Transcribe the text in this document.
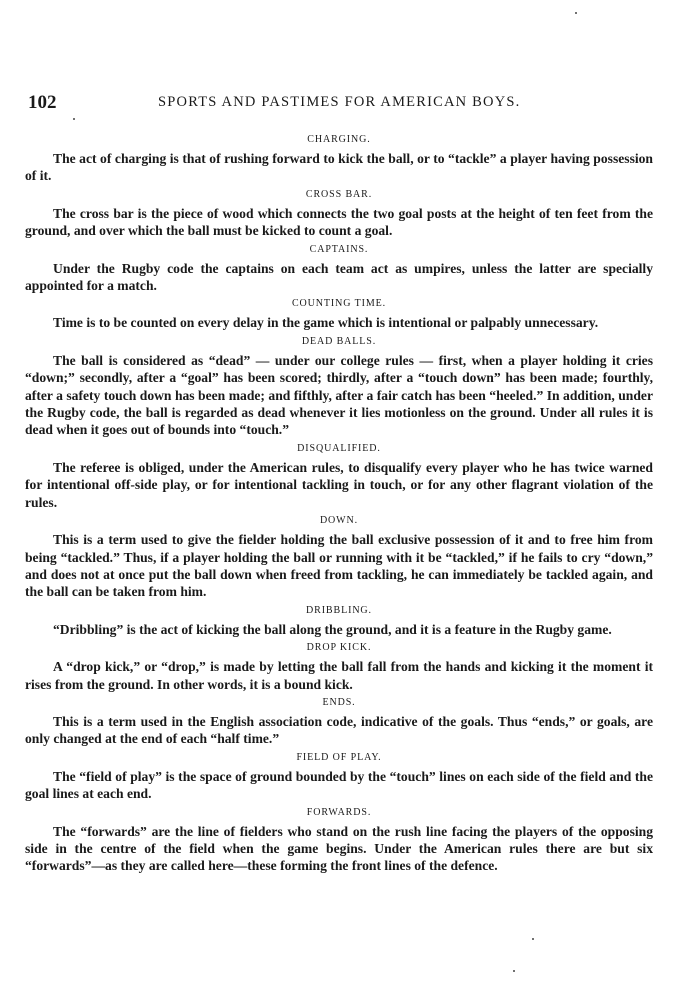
102	SPORTS AND PASTIMES FOR AMERICAN BOYS.
CHARGING.

The act of charging is that of rushing forward to kick the ball, or to “tackle” a player having possession of it.

CROSS BAR.

The cross bar is the piece of wood which connects the two goal posts at the height of ten feet from the ground, and over which the ball must be kicked to count a goal.

CAPTAINS.

Under the Rugby code the captains on each team act as umpires, unless the latter are specially appointed for a match.

COUNTING TIME.

Time is to be counted on every delay in the game which is intentional or palpably unnecessary.

DEAD BALLS.

The ball is considered as “dead” — under our college rules — first, when a player holding it cries “down;” secondly, after a “goal” has been scored; thirdly, after a “touch down” has been made; fourthly, after a safety touch down has been made; and fifthly, after a fair catch has been “heeled.” In addition, under the Rugby code, the ball is regarded as dead whenever it lies motionless on the ground. Under all rules it is dead when it goes out of bounds into “touch.”

DISQUALIFIED.

The referee is obliged, under the American rules, to disqualify every player who he has twice warned for intentional off-side play, or for intentional tackling in touch, or for any other flagrant violation of the rules.

DOWN.

This is a term used to give the fielder holding the ball exclusive possession of it and to free him from being “tackled.” Thus, if a player holding the ball or running with it be “tackled,” if he fails to cry “down,” and does not at once put the ball down when freed from tackling, he can immediately be tackled again, and the ball can be taken from him.

DRIBBLING.

“Dribbling” is the act of kicking the ball along the ground, and it is a feature in the Rugby game.

DROP KICK.

A “drop kick,” or “drop,” is made by letting the ball fall from the hands and kicking it the moment it rises from the ground. In other words, it is a bound kick.

ENDS.

This is a term used in the English association code, indicative of the goals. Thus “ends,” or goals, are only changed at the end of each “half time.”

FIELD OF PLAY.

The “field of play” is the space of ground bounded by the “touch” lines on each side of the field and the goal lines at each end.

FORWARDS.

The “forwards” are the line of fielders who stand on the rush line facing the players of the opposing side in the centre of the field when the game begins. Under the American rules there are but six “forwards”—as they are called here—these forming the front lines of the defence.
